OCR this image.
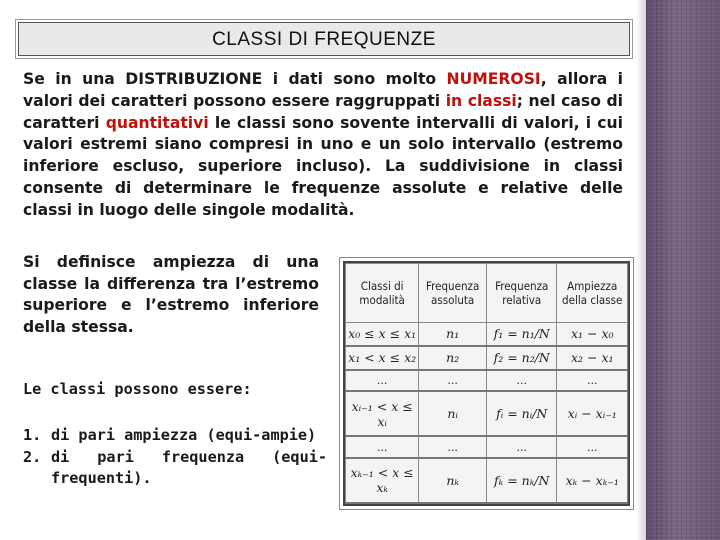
CLASSI DI FREQUENZE
Se in una DISTRIBUZIONE i dati sono molto NUMEROSI, allora i valori dei caratteri possono essere raggruppati in classi; nel caso di caratteri quantitativi le classi sono sovente intervalli di valori, i cui valori estremi siano compresi in uno e un solo intervallo (estremo inferiore escluso, superiore incluso). La suddivisione in classi consente di determinare le frequenze assolute e relative delle classi in luogo delle singole modalità.
Si definisce ampiezza di una classe la differenza tra l’estremo superiore e l’estremo inferiore della stessa.
Le classi possono essere:
1. di pari ampiezza (equi-ampie)
2. di pari frequenza (equi-frequenti).
Classi di modalità	Frequenza assoluta	Frequenza relativa	Ampiezza della classe
x₀ ≤ x ≤ x₁	n₁	f₁ = n₁/N	x₁ − x₀
x₁ < x ≤ x₂	n₂	f₂ = n₂/N	x₂ − x₁
...	...	...	...
xᵢ₋₁ < x ≤ xᵢ	nᵢ	fᵢ = nᵢ/N	xᵢ − xᵢ₋₁
...	...	...	...
xₖ₋₁ < x ≤ xₖ	nₖ	fₖ = nₖ/N	xₖ − xₖ₋₁
